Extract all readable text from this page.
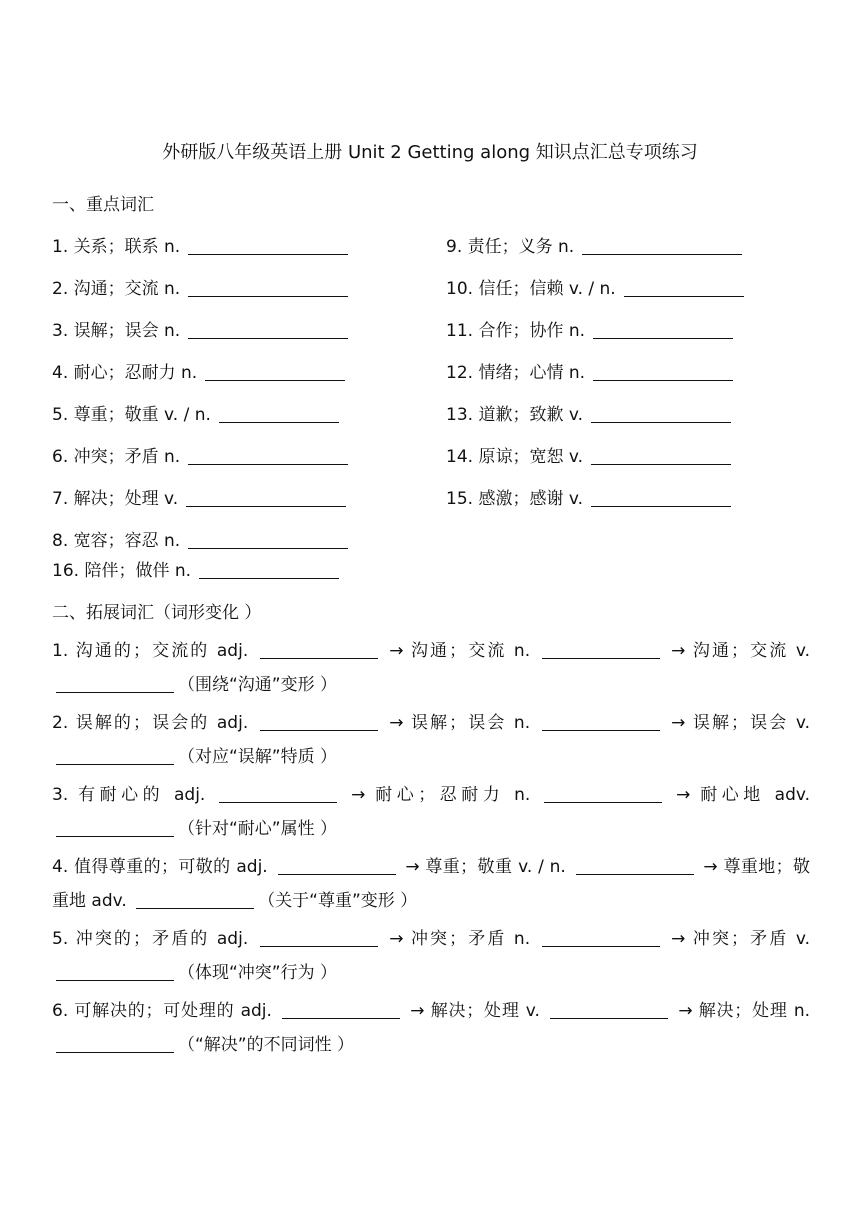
外研版八年级英语上册 Unit 2 Getting along 知识点汇总专项练习
一、重点词汇
1. 关系；联系 n.	9. 责任；义务 n.
2. 沟通；交流 n.	10. 信任；信赖 v. / n.
3. 误解；误会 n.	11. 合作；协作 n.
4. 耐心；忍耐力 n.	12. 情绪；心情 n.
5. 尊重；敬重 v. / n.	13. 道歉；致歉 v.
6. 冲突；矛盾 n.	14. 原谅；宽恕 v.
7. 解决；处理 v.	15. 感激；感谢 v.
8. 宽容；容忍 n.
16. 陪伴；做伴 n.
二、拓展词汇（词形变化 ）
1. 沟通的；交流的 adj.	→ 沟通；交流 n.	→ 沟通；交流 v. （围绕“沟通”变形 ）
2. 误解的；误会的 adj.	→ 误解；误会 n.	→ 误解；误会 v. （对应“误解”特质 ）
3. 有耐心的 adj.	→ 耐心；忍耐力 n.	→ 耐心地 adv. （针对“耐心”属性 ）
4. 值得尊重的；可敬的 adj.	→ 尊重；敬重 v. / n.	→ 尊重地；敬重地 adv.	（关于“尊重”变形 ）
5. 冲突的；矛盾的 adj.	→ 冲突；矛盾 n.	→ 冲突；矛盾 v. （体现“冲突”行为 ）
6. 可解决的；可处理的 adj.	→ 解决；处理 v.	→ 解决；处理 n. （“解决”的不同词性 ）
